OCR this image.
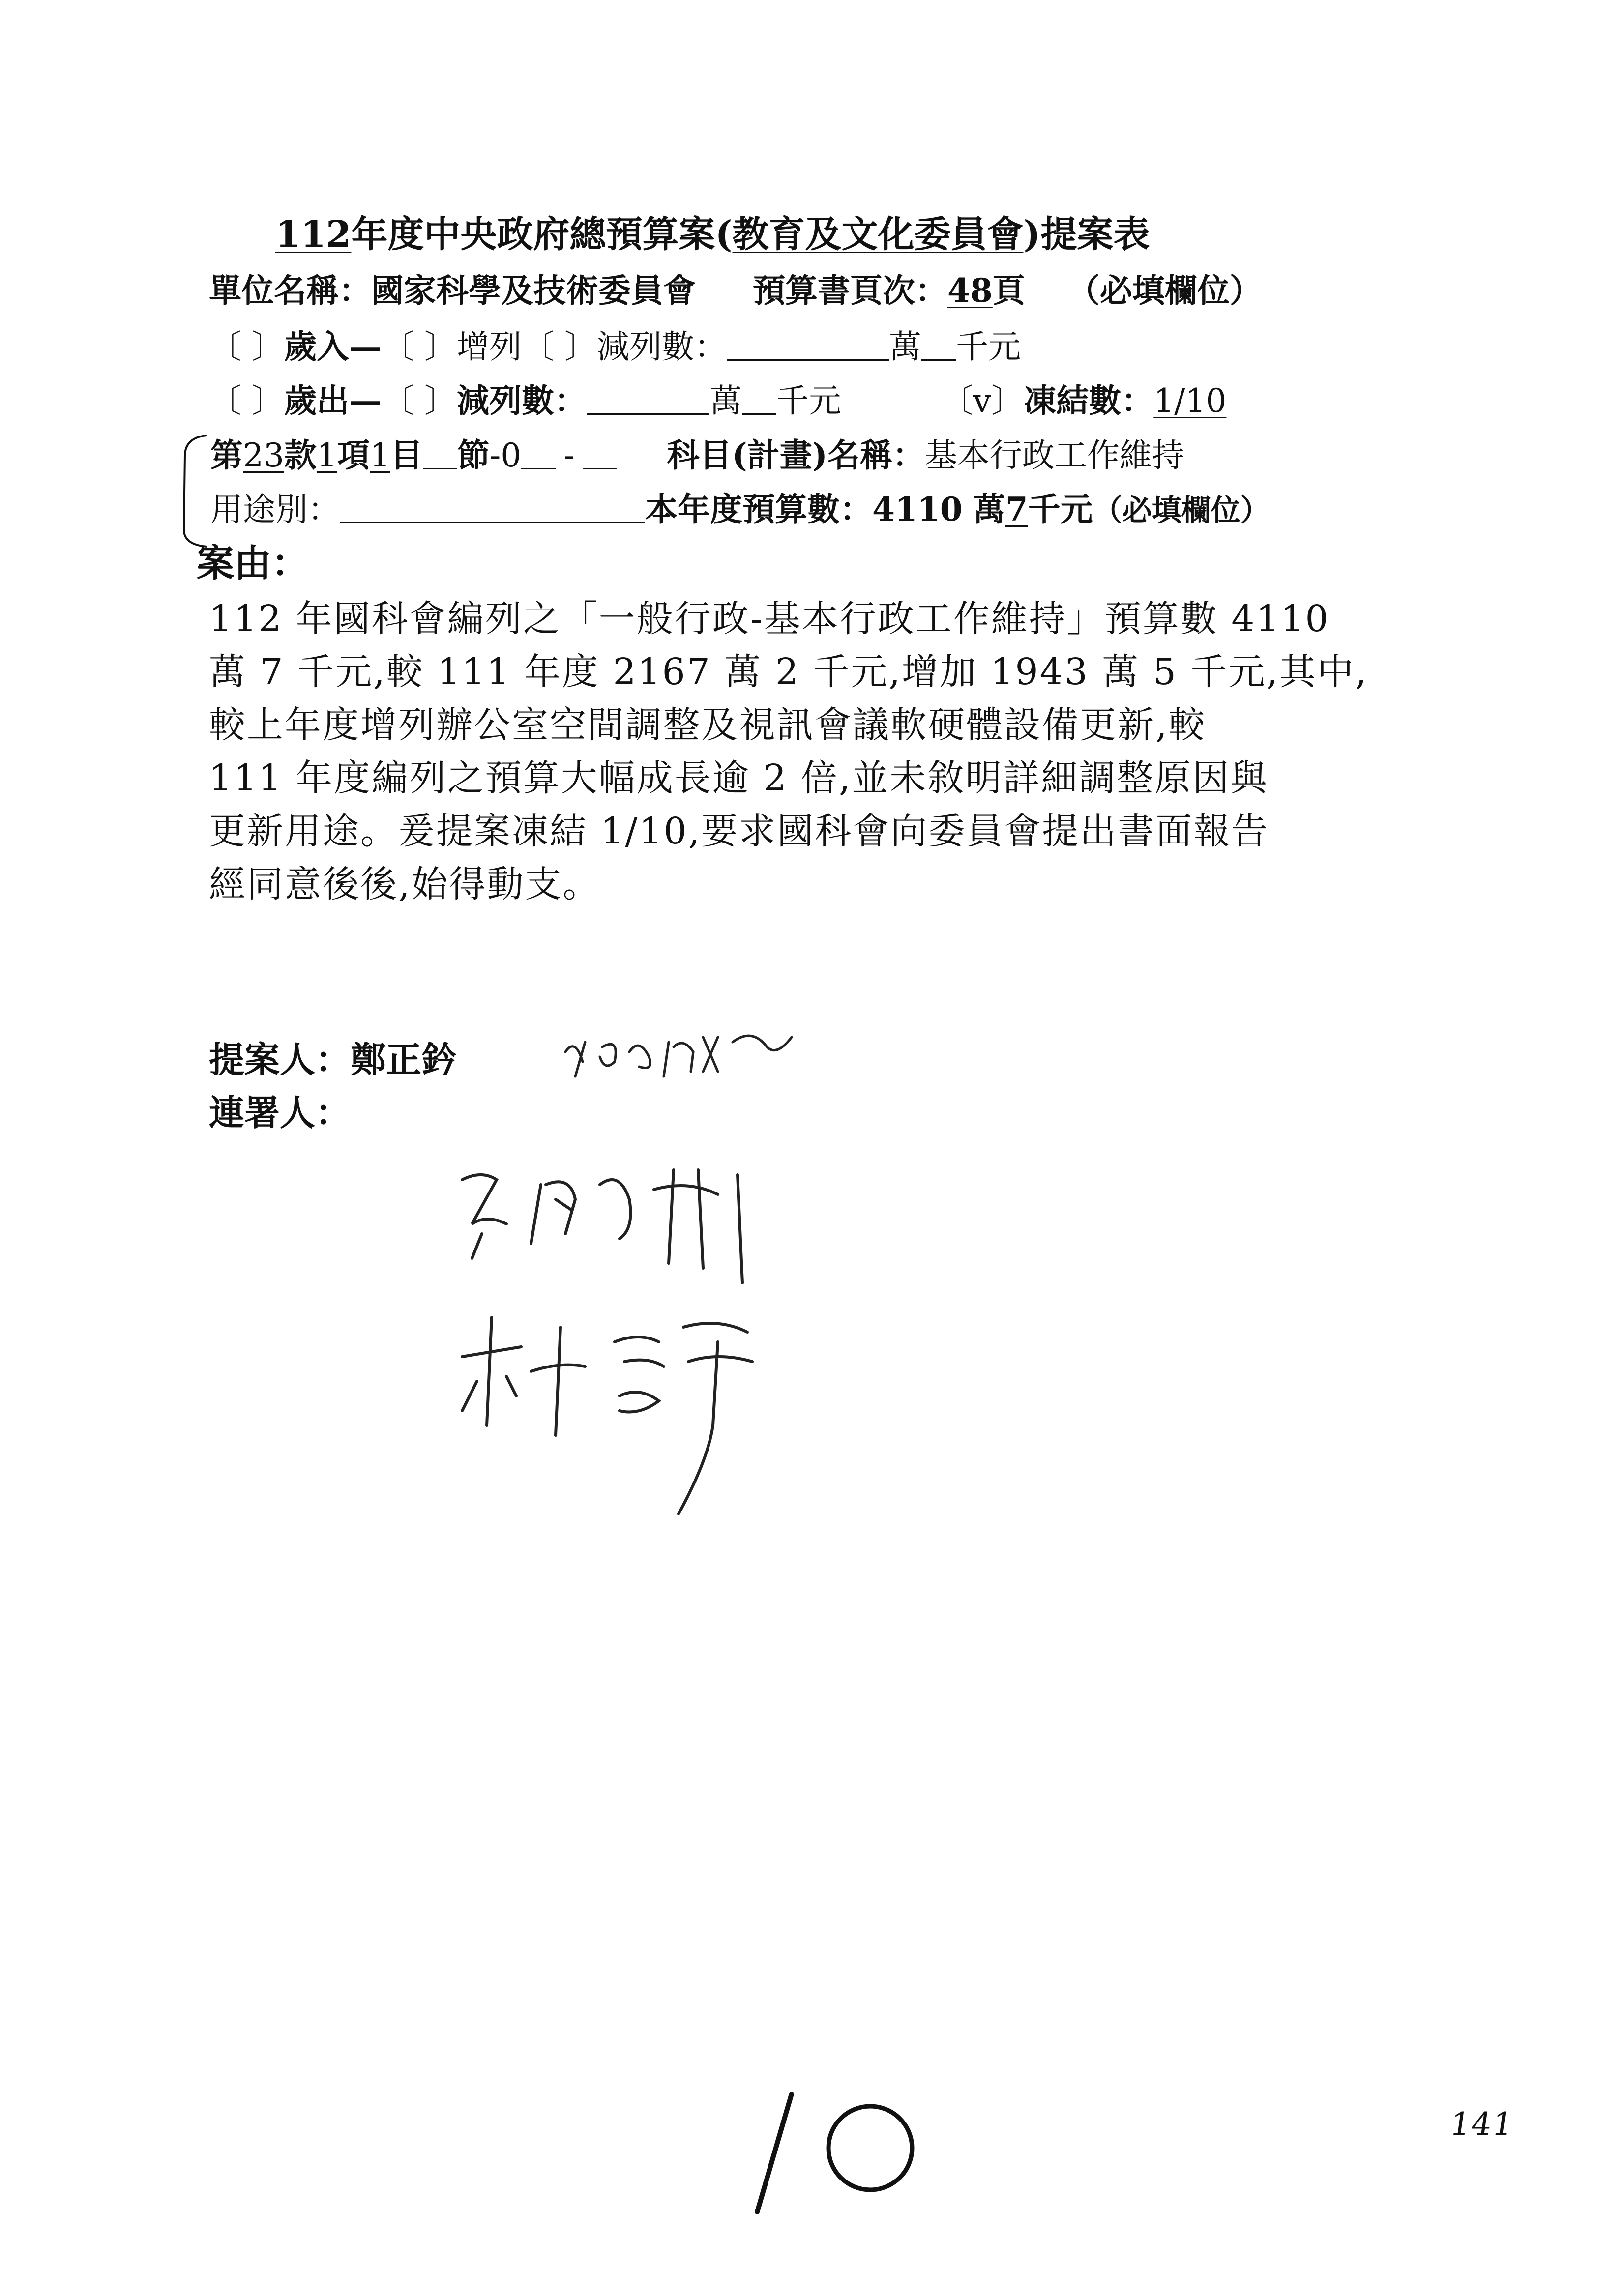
112年度中央政府總預算案(教育及文化委員會)提案表
單位名稱：國家科學及技術委員會 預算書頁次：48頁 （必填欄位）
〔 〕歲入—〔 〕增列〔 〕減列數：	萬 千元
〔 〕歲出—〔 〕減列數：	萬 千元	〔v〕凍結數：1/10
第23款1項1目 節-0 -	科目(計畫)名稱：基本行政工作維持
用途別：	本年度預算數：4110 萬7千元（必填欄位）
案由：
112 年國科會編列之「一般行政-基本行政工作維持」預算數 4110
萬 7 千元,較 111 年度 2167 萬 2 千元,增加 1943 萬 5 千元,其中,
較上年度增列辦公室空間調整及視訊會議軟硬體設備更新,較
111 年度編列之預算大幅成長逾 2 倍,並未敘明詳細調整原因與
更新用途。爰提案凍結 1/10,要求國科會向委員會提出書面報告
經同意後後,始得動支。
提案人：鄭正鈐
連署人：
10
141
